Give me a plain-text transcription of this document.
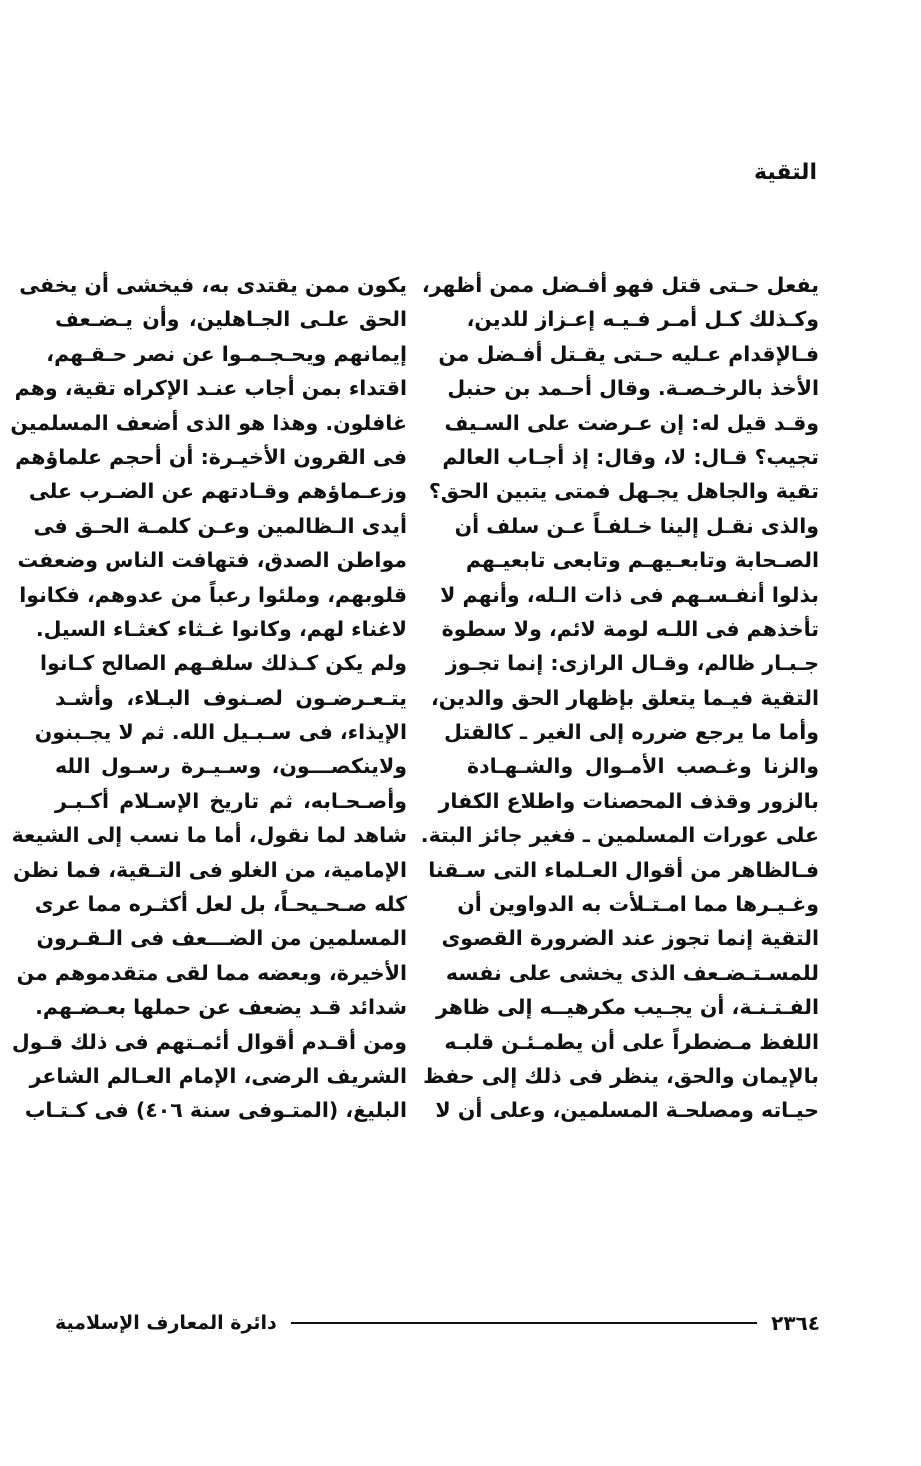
التقية
يفعل حـتى قتل فهو أفـضل ممن أظهر،
وكـذلك كـل أمـر فـيـه إعـزاز للدين،
فـالإقدام عـليه حـتى يقـتل أفـضل من
الأخذ بالرخـصـة. وقال أحـمد بن حنبل
وقـد قيل له: إن عـرضت على السـيف
تجيب؟ قـال: لا، وقال: إذ أجـاب العالم
تقية والجاهل يجـهل فمتى يتبين الحق؟
والذى نقـل إلينا خـلفـاً عـن سلف أن
الصـحابة وتابعـيهـم وتابعى تابعيـهم
بذلوا أنفـسـهم فى ذات الـله، وأنهم لا
تأخذهم فى اللـه لومة لائم، ولا سطوة
جـبـار ظالم، وقـال الرازى: إنما تجـوز
التقية فيـما يتعلق بإظهار الحق والدين،
وأما ما يرجع ضرره إلى الغير ـ كالقتل
والزنا وغـصب الأمـوال والشـهـادة
بالزور وقذف المحصنات واطلاع الكفار
على عورات المسلمين ـ فغير جائز البتة.
فـالظاهر من أقوال العـلماء التى سـقنا
وغـيـرها مما امـتـلأت به الدواوين أن
التقية إنما تجوز عند الضرورة القصوى
للمسـتـضـعف الذى يخشى على نفسه
الفـتـنـة، أن يجـيب مكرهيــه إلى ظاهر
اللفظ مـضطراً على أن يطمـئـن قلبـه
بالإيمان والحق، ينظر فى ذلك إلى حفظ
حيـاته ومصلحـة المسلمين، وعلى أن لا
يكون ممن يقتدى به، فيخشى أن يخفى
الحق علـى الجـاهلين، وأن يـضـعف
إيمانهم ويحـجـمـوا عن نصر حـقـهم،
اقتداء بمن أجاب عنـد الإكراه تقية، وهم
غافلون. وهذا هو الذى أضعف المسلمين
فى القرون الأخيـرة: أن أحجم علماؤهم
وزعـماؤهم وقـادتهم عن الضـرب على
أيدى الـظالمين وعـن كلمـة الحـق فى
مواطن الصدق، فتهافت الناس وضعفت
قلوبهم، وملئوا رعباً من عدوهم، فكانوا
لاغناء لهم، وكانوا غـثاء كغثـاء السيل.
ولم يكن كـذلك سلفـهم الصالح كـانوا
يتـعـرضـون لصـنوف البـلاء، وأشـد
الإيذاء، فى سـبـيل الله. ثم لا يجـبنون
ولاينكصـــون، وسـيـرة رسـول الله
وأصـحـابه، ثم تاريخ الإسـلام أكـبـر
شاهد لما نقول، أما ما نسب إلى الشيعة
الإمامية، من الغلو فى التـقية، فما نظن
كله صـحـيحـاً، بل لعل أكثـره مما عرى
المسلمين من الضـــعف فى الـقـرون
الأخيرة، وبعضه مما لقى متقدموهم من
شدائد قـد يضعف عن حملها بعـضـهم.
ومن أقـدم أقوال أئمـتهم فى ذلك قـول
الشريف الرضى، الإمام العـالم الشاعر
البليغ، (المتـوفى سنة ٤٠٦) فى كـتـاب
٢٣٦٤
دائرة المعارف الإسلامية
